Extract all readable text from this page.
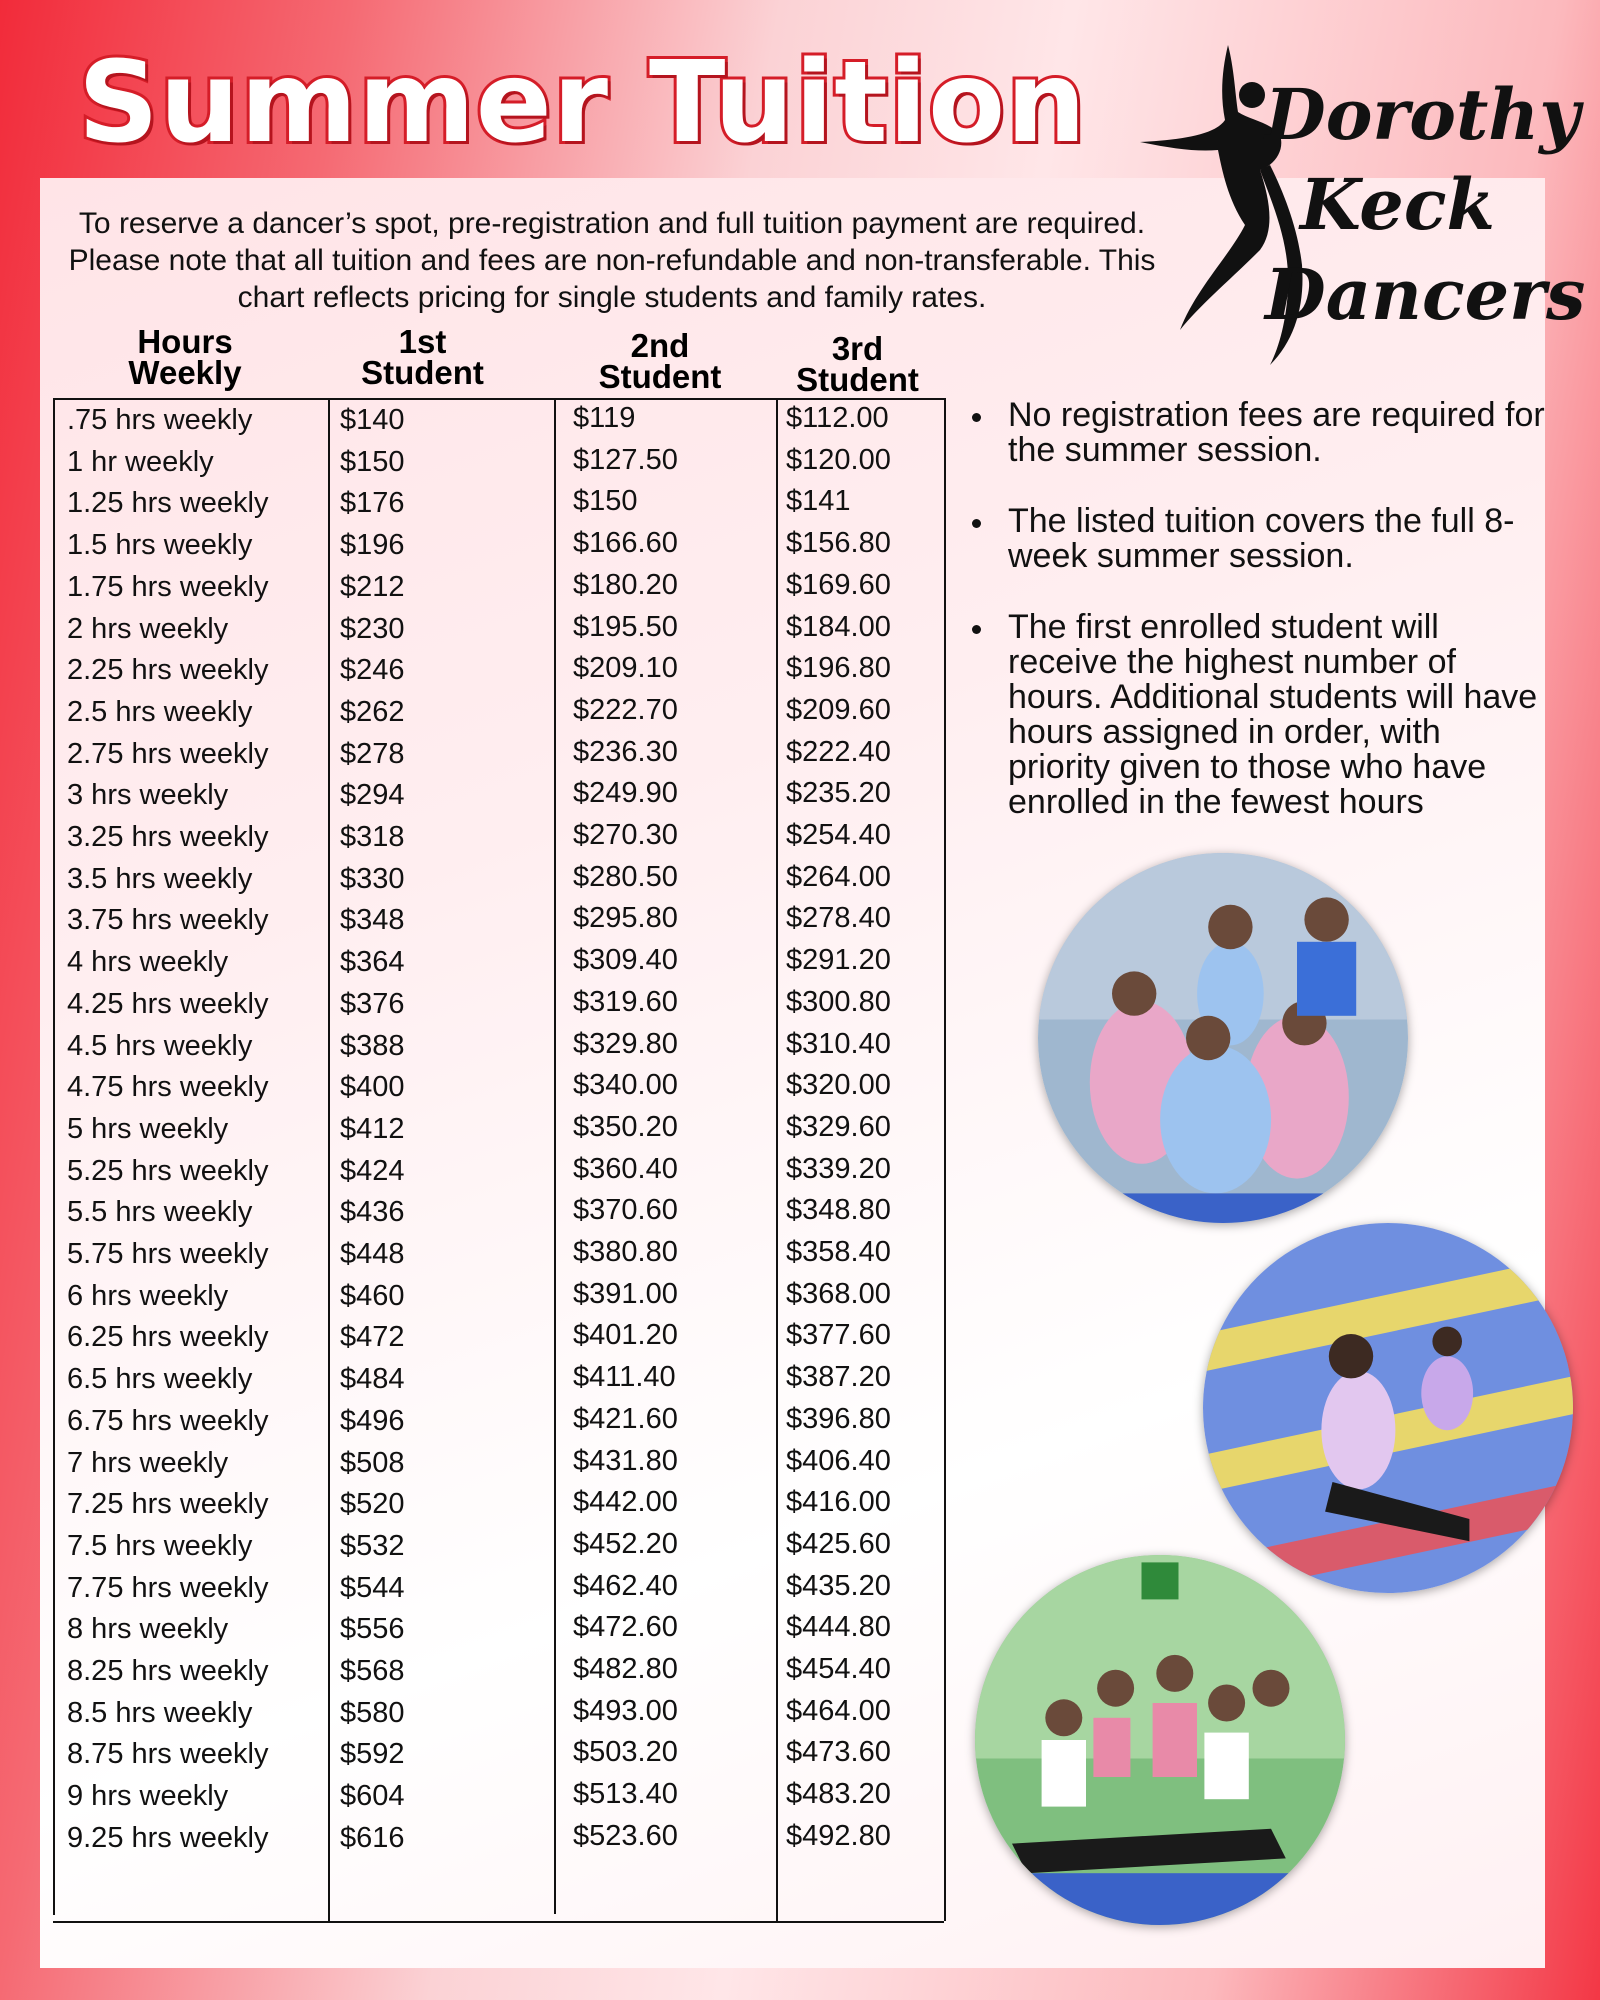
Summer Tuition	Dorothy
Keck
Dancers

To reserve a dancer’s spot, pre-registration and full tuition payment are required. Please note that all tuition and fees are non-refundable and non-transferable. This chart reflects pricing for single students and family rates.

Hours
Weekly
1st
Student
2nd
Student
3rd
Student
.75 hrs weekly	$140	$119	$112.00
1 hr weekly	$150	$127.50	$120.00
1.25 hrs weekly $176	$150	$141
1.5 hrs weekly	$196	$166.60	$156.80
1.75 hrs weekly $212	$180.20	$169.60
2 hrs weekly	$230	$195.50	$184.00
2.25 hrs weekly $246	$209.10	$196.80
2.5 hrs weekly	$262	$222.70	$209.60
2.75 hrs weekly $278	$236.30	$222.40
3 hrs weekly	$294	$249.90	$235.20
3.25 hrs weekly $318	$270.30	$254.40
3.5 hrs weekly	$330	$280.50	$264.00
3.75 hrs weekly $348	$295.80	$278.40
4 hrs weekly	$364	$309.40	$291.20
4.25 hrs weekly $376	$319.60	$300.80
4.5 hrs weekly	$388	$329.80	$310.40
4.75 hrs weekly $400	$340.00	$320.00
5 hrs weekly	$412	$350.20	$329.60
5.25 hrs weekly $424	$360.40	$339.20
5.5 hrs weekly	$436	$370.60	$348.80
5.75 hrs weekly $448	$380.80	$358.40
6 hrs weekly	$460	$391.00	$368.00
6.25 hrs weekly $472	$401.20	$377.60
6.5 hrs weekly	$484	$411.40	$387.20
6.75 hrs weekly $496	$421.60	$396.80
7 hrs weekly	$508	$431.80	$406.40
7.25 hrs weekly $520	$442.00	$416.00
7.5 hrs weekly	$532	$452.20	$425.60
7.75 hrs weekly $544	$462.40	$435.20
8 hrs weekly	$556	$472.60	$444.80
8.25 hrs weekly $568	$482.80	$454.40
8.5 hrs weekly	$580	$493.00	$464.00
8.75 hrs weekly $592	$503.20	$473.60
9 hrs weekly	$604	$513.40	$483.20
9.25 hrs weekly $616	$523.60	$492.80
No registration fees are required for the summer session.
The listed tuition covers the full 8-week summer session.
The first enrolled student will receive the highest number of hours. Additional students will have hours assigned in order, with priority given to those who have enrolled in the fewest hours
